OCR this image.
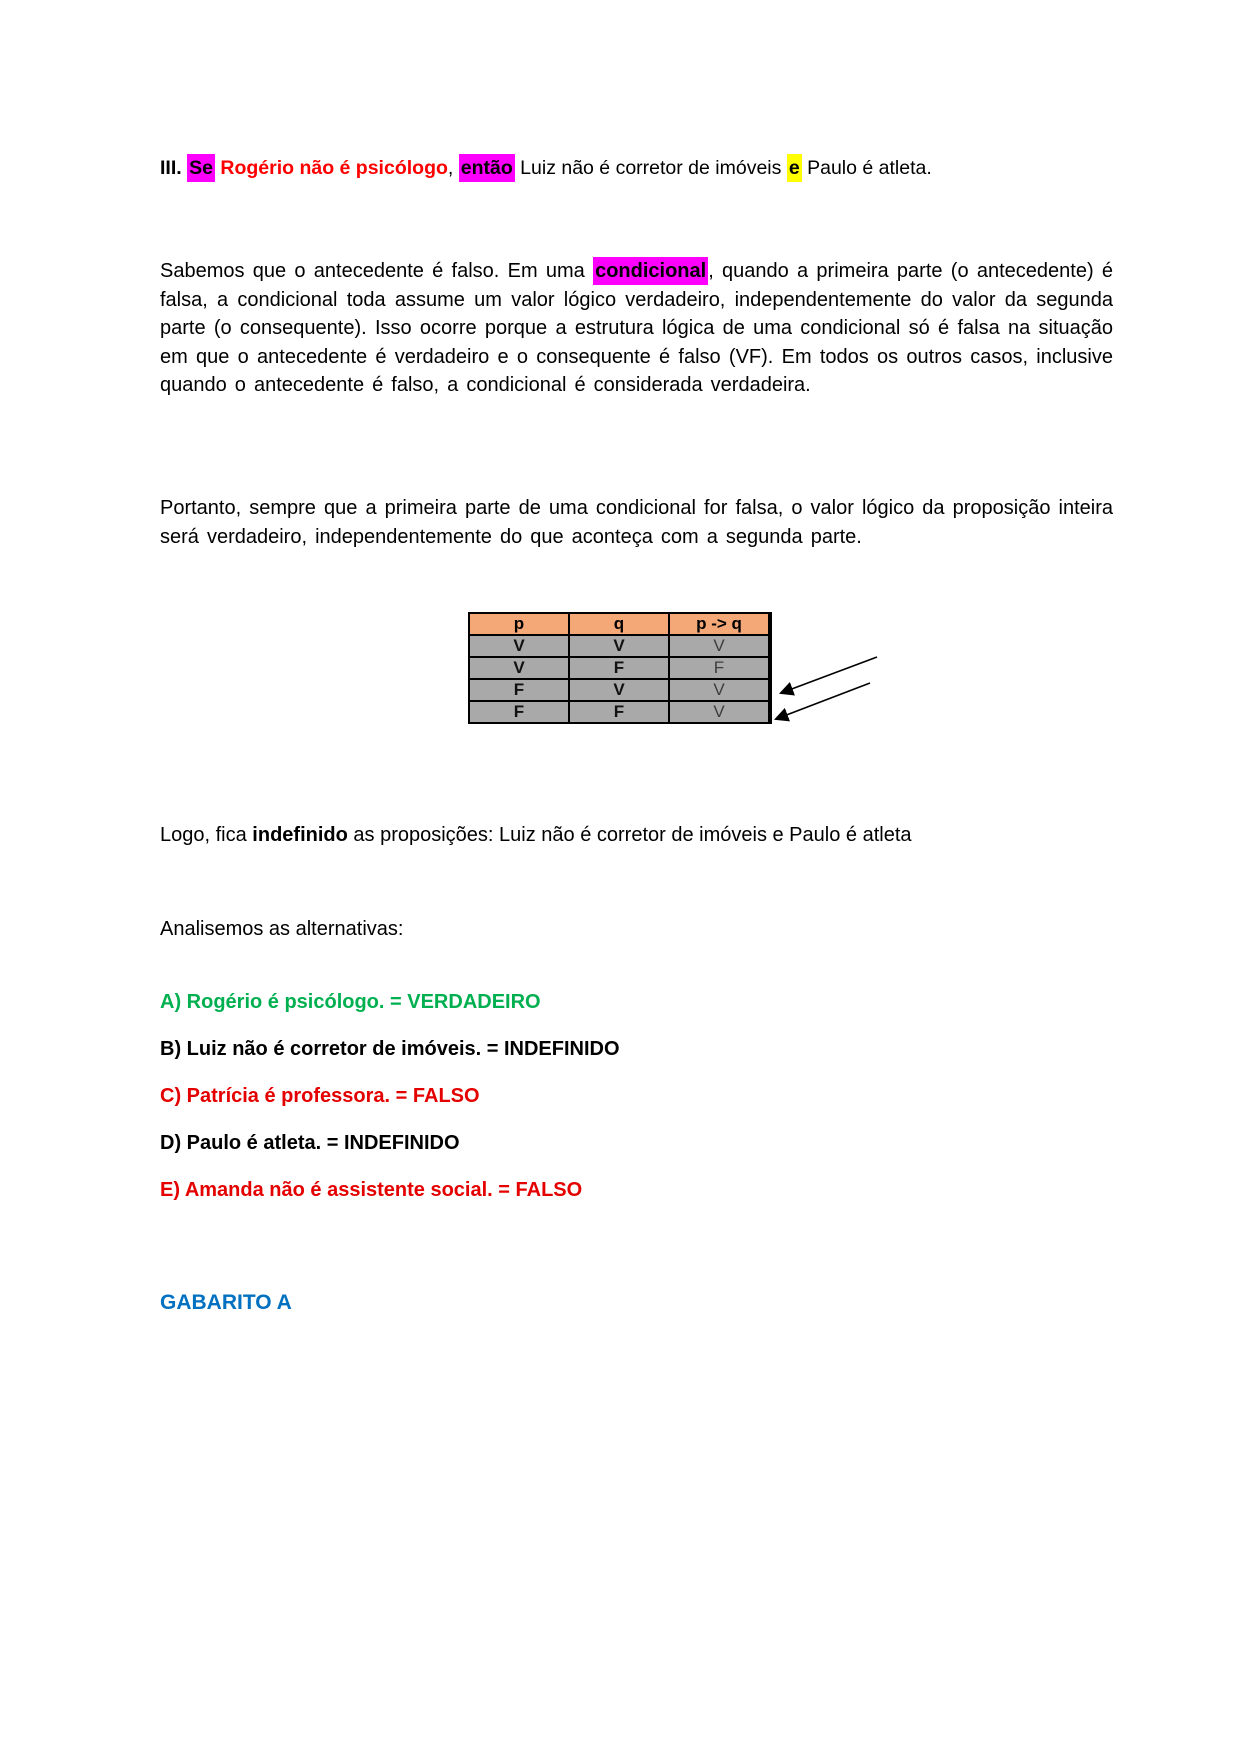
III. Se Rogério não é psicólogo, então Luiz não é corretor de imóveis e Paulo é atleta.

Sabemos que o antecedente é falso. Em uma condicional , quando a primeira parte (o antecedente) é falsa, a condicional toda assume um valor lógico verdadeiro, independentemente do valor da segunda parte (o consequente). Isso ocorre porque a estrutura lógica de uma condicional só é falsa na situação em que o antecedente é verdadeiro e o consequente é falso (VF). Em todos os outros casos, inclusive quando o antecedente é falso, a condicional é considerada verdadeira.

Portanto, sempre que a primeira parte de uma condicional for falsa, o valor lógico da proposição inteira será verdadeiro, independentemente do que aconteça com a segunda parte.

p	q	p -> q
V	V	V
V	F	F
F	V	V
F	F	V

Logo, fica indefinido as proposições: Luiz não é corretor de imóveis e Paulo é atleta

Analisemos as alternativas:

A) Rogério é psicólogo. = VERDADEIRO
B) Luiz não é corretor de imóveis. = INDEFINIDO
C) Patrícia é professora. = FALSO
D) Paulo é atleta. = INDEFINIDO
E) Amanda não é assistente social. = FALSO

GABARITO A
